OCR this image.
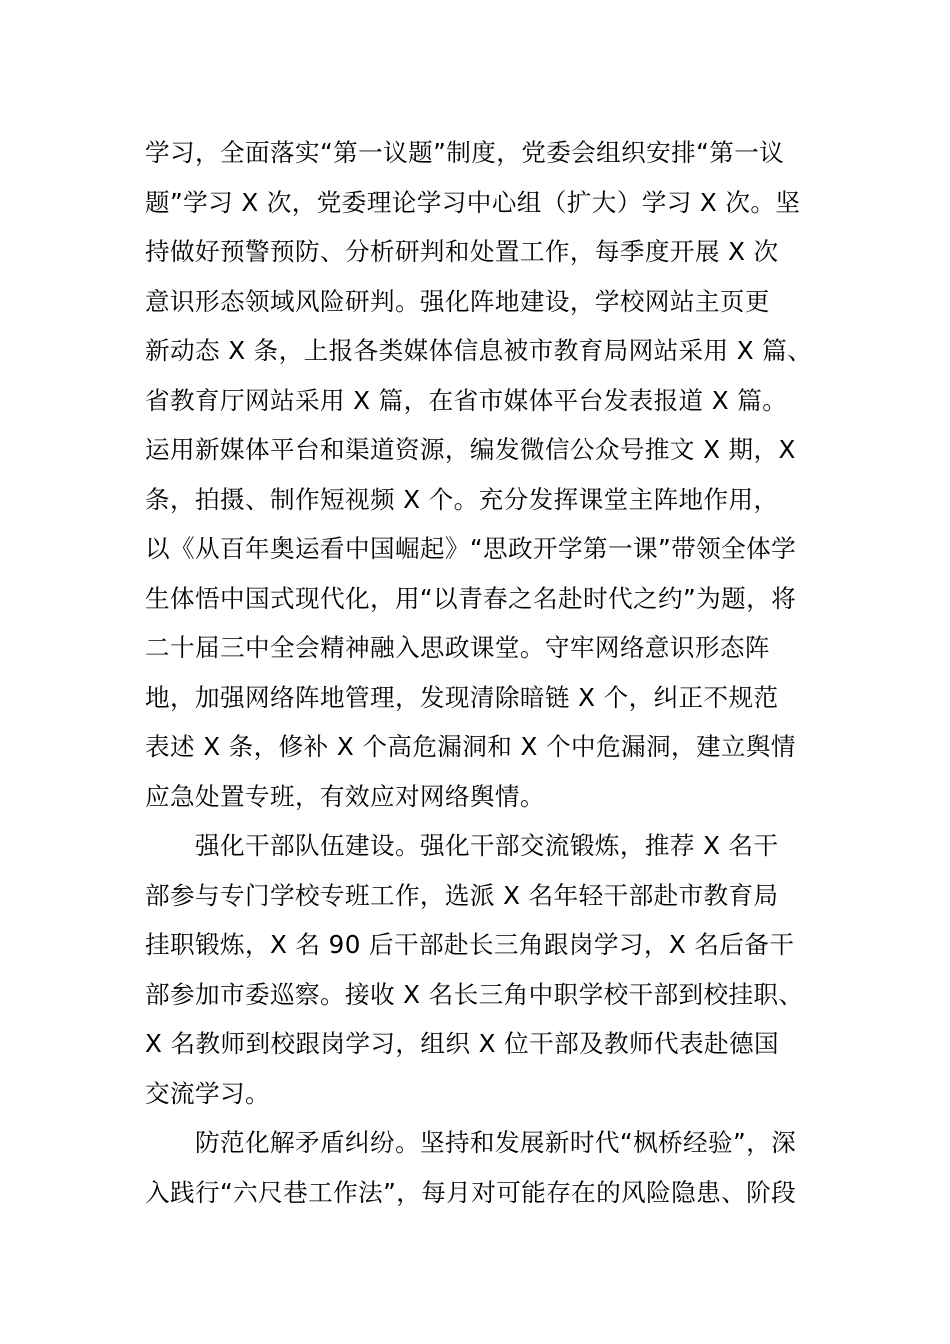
学习，全面落实“第一议题”制度，党委会组织安排“第一议
题”学习 X 次，党委理论学习中心组（扩大）学习 X 次。坚
持做好预警预防、分析研判和处置工作，每季度开展 X 次
意识形态领域风险研判。强化阵地建设，学校网站主页更
新动态 X 条，上报各类媒体信息被市教育局网站采用 X 篇、
省教育厅网站采用 X 篇，在省市媒体平台发表报道 X 篇。
运用新媒体平台和渠道资源，编发微信公众号推文 X 期，X
条，拍摄、制作短视频 X 个。充分发挥课堂主阵地作用，
以《从百年奥运看中国崛起》“思政开学第一课”带领全体学
生体悟中国式现代化，用“以青春之名赴时代之约”为题，将
二十届三中全会精神融入思政课堂。守牢网络意识形态阵
地，加强网络阵地管理，发现清除暗链 X 个，纠正不规范
表述 X 条，修补 X 个高危漏洞和 X 个中危漏洞，建立舆情
应急处置专班，有效应对网络舆情。
强化干部队伍建设。强化干部交流锻炼，推荐 X 名干
部参与专门学校专班工作，选派 X 名年轻干部赴市教育局
挂职锻炼，X 名 90 后干部赴长三角跟岗学习，X 名后备干
部参加市委巡察。接收 X 名长三角中职学校干部到校挂职、
X 名教师到校跟岗学习，组织 X 位干部及教师代表赴德国
交流学习。
防范化解矛盾纠纷。坚持和发展新时代“枫桥经验”，深
入践行“六尺巷工作法”，每月对可能存在的风险隐患、阶段
